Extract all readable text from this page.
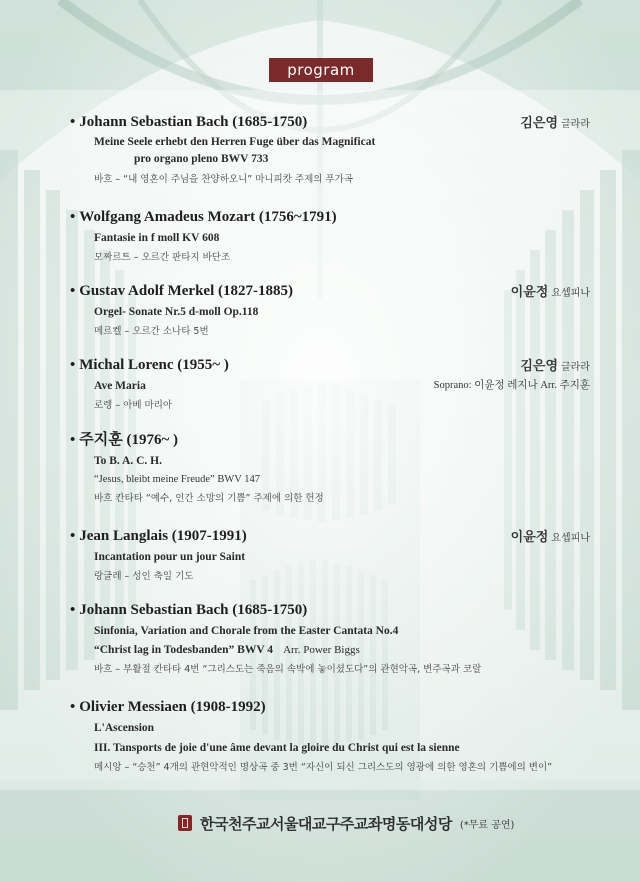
program
• Johann Sebastian Bach (1685-1750)	김은영 글라라
Meine Seele erhebt den Herren Fuge über das Magnificat
pro organo pleno BWV 733
바흐 – “내 영혼이 주님을 찬양하오니” 마니피캇 주제의 푸가곡
• Wolfgang Amadeus Mozart (1756~1791)
Fantasie in f moll KV 608
모짜르트 – 오르간 판타지 바단조
• Gustav Adolf Merkel (1827-1885)	이윤정 요셉피나
Orgel- Sonate Nr.5 d-moll Op.118
메르켈 – 오르간 소나타 5번
• Michal Lorenc (1955~ )	김은영 글라라
Soprano: 이윤정 레지나 Arr. 주지훈
Ave Maria
로렝 – 아베 마리아
• 주지훈 (1976~ )
To B. A. C. H.
“Jesus, bleibt meine Freude” BWV 147
바흐 칸타타 “예수, 인간 소망의 기쁨” 주제에 의한 헌정
• Jean Langlais (1907-1991)	이윤정 요셉피나
Incantation pour un jour Saint
랑글레 – 성인 축일 기도
• Johann Sebastian Bach (1685-1750)
Sinfonia, Variation and Chorale from the Easter Cantata No.4
“Christ lag in Todesbanden” BWV 4 Arr. Power Biggs
바흐 – 부활절 칸타타 4번 “그리스도는 죽음의 속박에 놓이셨도다”의 관현악곡, 변주곡과 코랄
• Olivier Messiaen (1908-1992)
L'Ascension
III. Tansports de joie d'une âme devant la gloire du Christ qui est la sienne
메시앙 – “승천” 4개의 관현악적인 명상곡 중 3번 “자신이 되신 그리스도의 영광에 의한 영혼의 기쁨에의 변이”
한국천주교서울대교구주교좌명동대성당 (*무료 공연)
